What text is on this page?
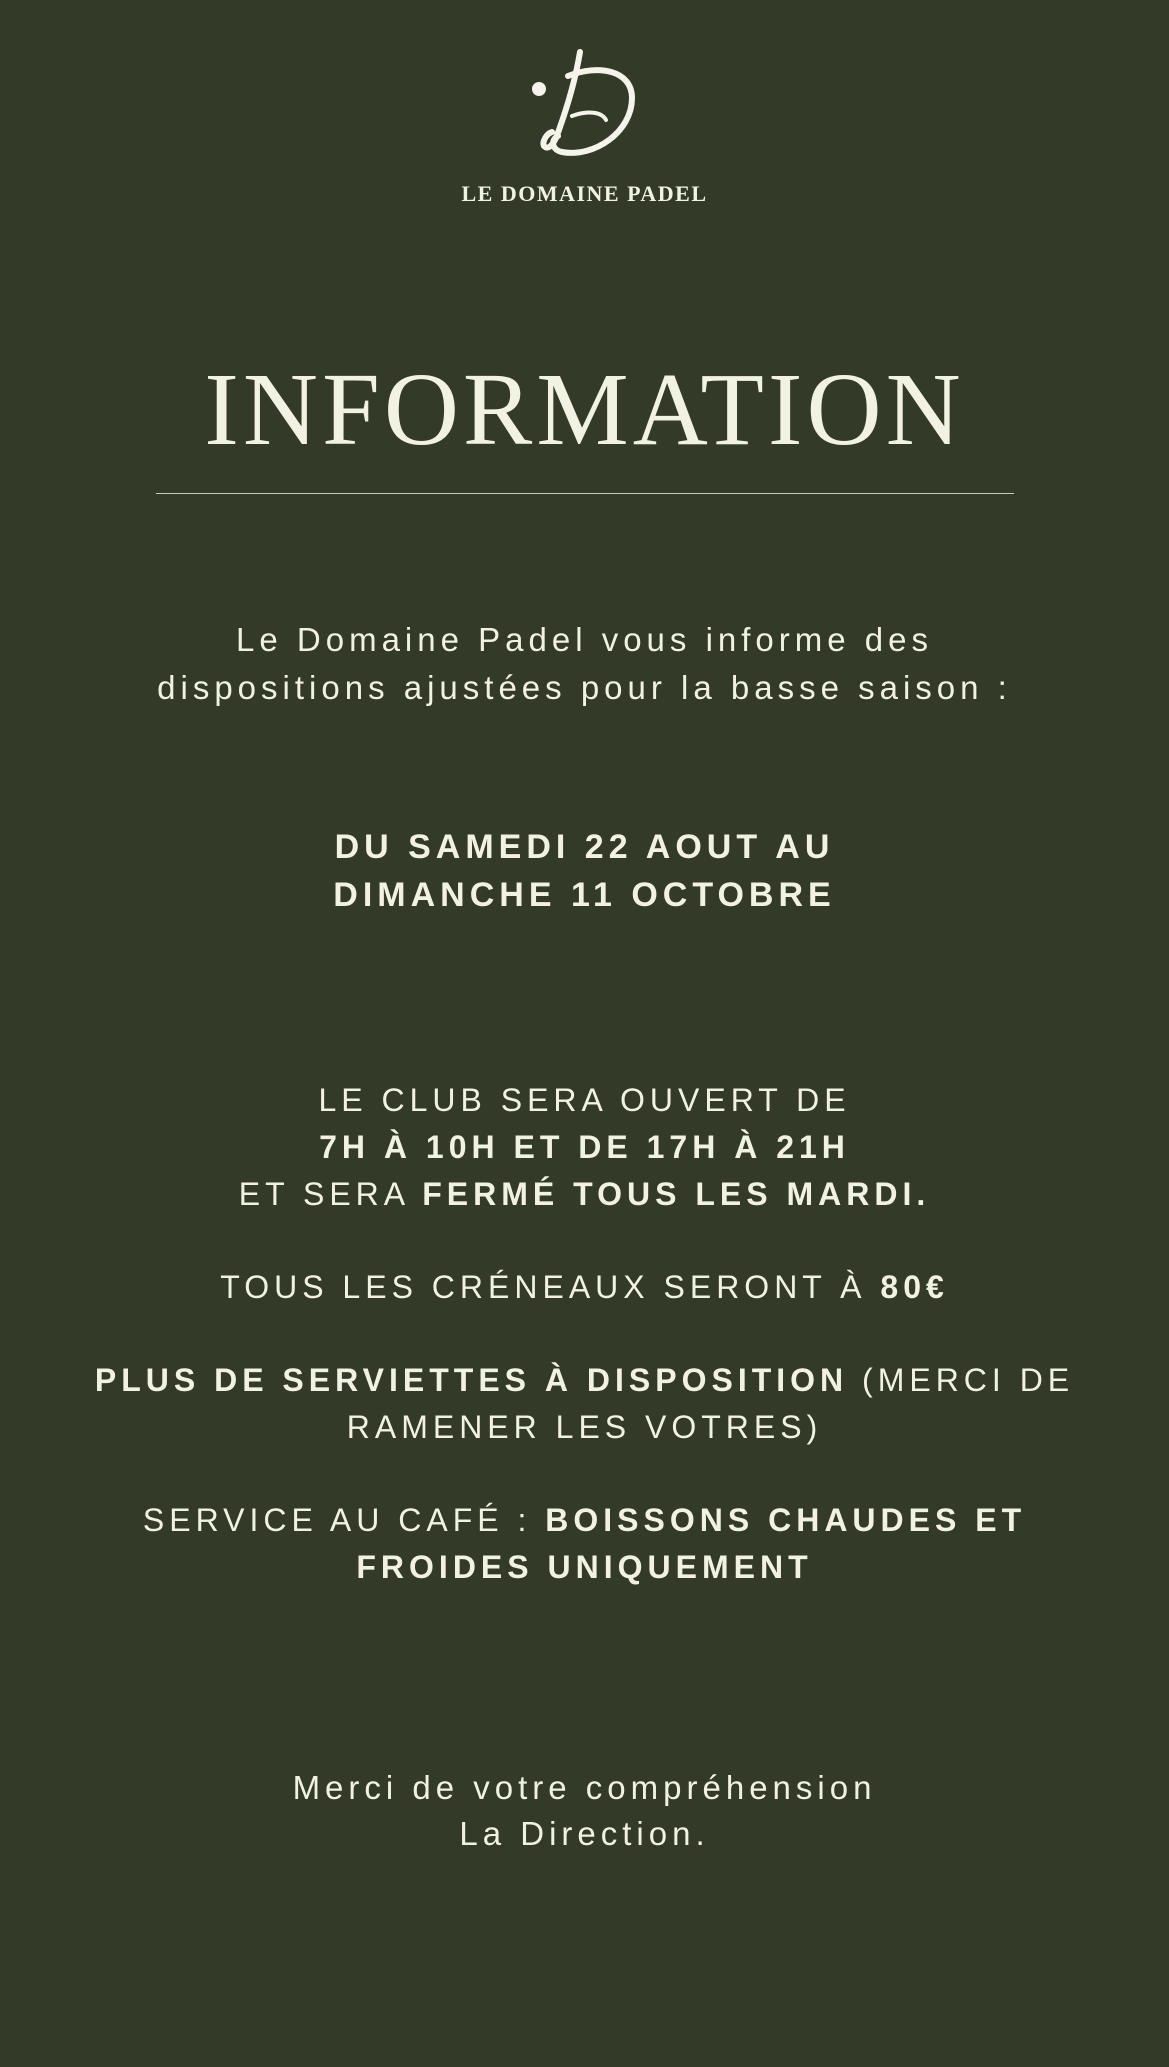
LE DOMAINE PADEL
INFORMATION
Le Domaine Padel vous informe des
dispositions ajustées pour la basse saison :
DU SAMEDI 22 AOUT AU
DIMANCHE 11 OCTOBRE

LE CLUB SERA OUVERT DE
7H À 10H ET DE 17H À 21H
ET SERA FERMÉ TOUS LES MARDI.

TOUS LES CRÉNEAUX SERONT À 80€

PLUS DE SERVIETTES À DISPOSITION (MERCI DE
RAMENER LES VOTRES)

SERVICE AU CAFÉ : BOISSONS CHAUDES ET
FROIDES UNIQUEMENT

Merci de votre compréhension
La Direction.
